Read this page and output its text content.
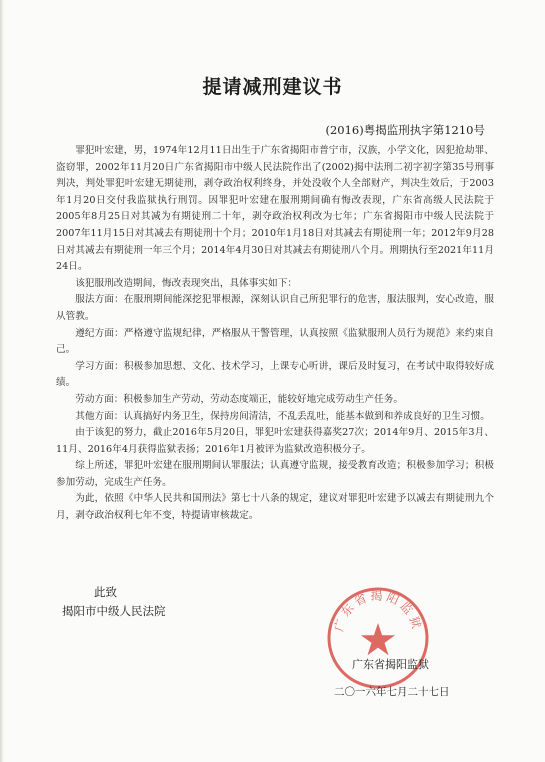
提请减刑建议书
(2016)粤揭监刑执字第1210号

罪犯叶宏建，男，1974年12月11日出生于广东省揭阳市普宁市，汉族，小学文化，因犯抢劫罪、盗窃罪，2002年11月20日广东省揭阳市中级人民法院作出了(2002)揭中法刑二初字初字第35号刑事判决，判处罪犯叶宏建无期徒刑，剥夺政治权利终身，并处没收个人全部财产，判决生效后，于2003年1月20日交付我监狱执行刑罚。因罪犯叶宏建在服刑期间确有悔改表现，广东省高级人民法院于2005年8月25日对其减为有期徒刑二十年，剥夺政治权利改为七年；广东省揭阳市中级人民法院于2007年11月15日对其减去有期徒刑十个月；2010年1月18日对其减去有期徒刑一年；2012年9月28日对其减去有期徒刑一年三个月；2014年4月30日对其减去有期徒刑八个月。刑期执行至2021年11月24日。

该犯服刑改造期间，悔改表现突出，具体事实如下：

服法方面：在服刑期间能深挖犯罪根源，深刻认识自己所犯罪行的危害，服法服判，安心改造，服从管教。

遵纪方面：严格遵守监规纪律，严格服从干警管理，认真按照《监狱服刑人员行为规范》来约束自己。

学习方面：积极参加思想、文化、技术学习，上课专心听讲，课后及时复习，在考试中取得较好成绩。

劳动方面：积极参加生产劳动，劳动态度端正，能较好地完成劳动生产任务。

其他方面：认真搞好内务卫生，保持房间清洁，不乱丢乱吐，能基本做到和养成良好的卫生习惯。

由于该犯的努力，截止2016年5月20日，罪犯叶宏建获得嘉奖27次；2014年9月、2015年3月、11月、2016年4月获得监狱表扬；2016年1月被评为监狱改造积极分子。

综上所述，罪犯叶宏建在服刑期间认罪服法；认真遵守监规，接受教育改造；积极参加学习；积极参加劳动，完成生产任务。

为此，依照《中华人民共和国刑法》第七十八条的规定，建议对罪犯叶宏建予以减去有期徒刑九个月，剥夺政治权利七年不变，特提请审核裁定。

此致
揭阳市中级人民法院
广东省揭阳监狱
广东省揭阳监狱
二〇一六年七月二十七日
